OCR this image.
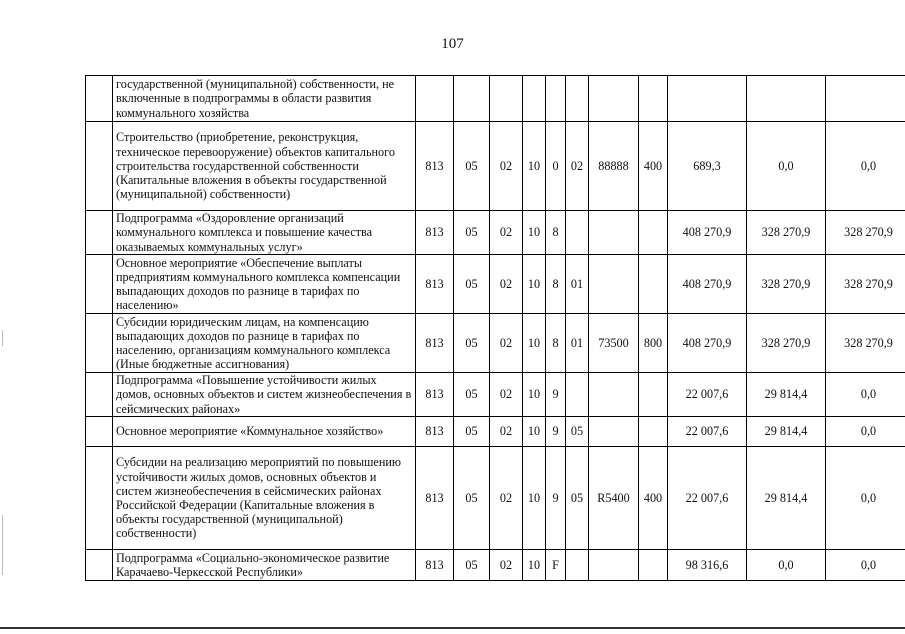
107
	государственной (муниципальной) собственности, не включенные в подпрограммы в области развития коммунального хозяйства											
	Строительство (приобретение, реконструкция, техническое перевооружение) объектов капитального строительства государственной собственности (Капитальные вложения в объекты государственной (муниципальной) собственности)	813	05	02	10	0	02	88888	400	689,3	0,0	0,0
	Подпрограмма «Оздоровление организаций коммунального комплекса и повышение качества оказываемых коммунальных услуг»	813	05	02	10	8				408 270,9	328 270,9	328 270,9
	Основное мероприятие «Обеспечение выплаты предприятиям коммунального комплекса компенсации выпадающих доходов по разнице в тарифах по населению»	813	05	02	10	8	01			408 270,9	328 270,9	328 270,9
	Субсидии юридическим лицам, на компенсацию выпадающих доходов по разнице в тарифах по населению, организациям коммунального комплекса (Иные бюджетные ассигнования)	813	05	02	10	8	01	73500	800	408 270,9	328 270,9	328 270,9
	Подпрограмма «Повышение устойчивости жилых домов, основных объектов и систем жизнеобеспечения в сейсмических районах»	813	05	02	10	9				22 007,6	29 814,4	0,0
	Основное мероприятие «Коммунальное хозяйство»	813	05	02	10	9	05			22 007,6	29 814,4	0,0
	Субсидии на реализацию мероприятий по повышению устойчивости жилых домов, основных объектов и систем жизнеобеспечения в сейсмических районах Российской Федерации (Капитальные вложения в объекты государственной (муниципальной) собственности)	813	05	02	10	9	05	R5400	400	22 007,6	29 814,4	0,0
	Подпрограмма «Социально-экономическое развитие Карачаево-Черкесской Республики»	813	05	02	10	F				98 316,6	0,0	0,0
